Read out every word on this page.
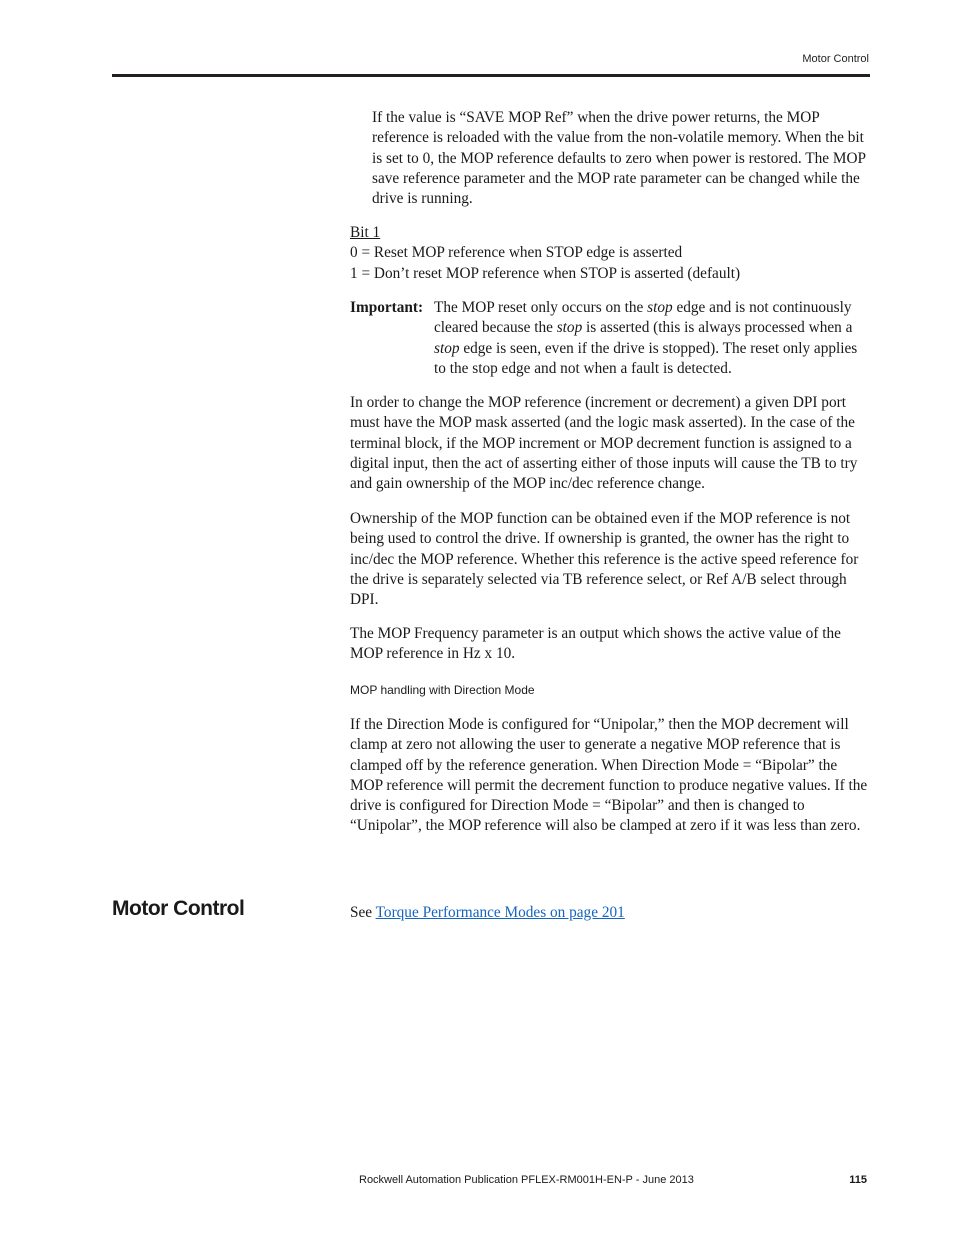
Motor Control

If the value is “SAVE MOP Ref” when the drive power returns, the MOP reference is reloaded with the value from the non-volatile memory. When the bit is set to 0, the MOP reference defaults to zero when power is restored. The MOP save reference parameter and the MOP rate parameter can be changed while the drive is running.

Bit 1
0 = Reset MOP reference when STOP edge is asserted
1 = Don’t reset MOP reference when STOP is asserted (default)
Important: The MOP reset only occurs on the stop edge and is not continuously cleared because the stop is asserted (this is always processed when a stop edge is seen, even if the drive is stopped). The reset only applies to the stop edge and not when a fault is detected.

In order to change the MOP reference (increment or decrement) a given DPI port must have the MOP mask asserted (and the logic mask asserted). In the case of the terminal block, if the MOP increment or MOP decrement function is assigned to a digital input, then the act of asserting either of those inputs will cause the TB to try and gain ownership of the MOP inc/dec reference change.

Ownership of the MOP function can be obtained even if the MOP reference is not being used to control the drive. If ownership is granted, the owner has the right to inc/dec the MOP reference. Whether this reference is the active speed reference for the drive is separately selected via TB reference select, or Ref A/B select through DPI.

The MOP Frequency parameter is an output which shows the active value of the MOP reference in Hz x 10.

MOP handling with Direction Mode

If the Direction Mode is configured for “Unipolar,” then the MOP decrement will clamp at zero not allowing the user to generate a negative MOP reference that is clamped off by the reference generation. When Direction Mode = “Bipolar” the MOP reference will permit the decrement function to produce negative values. If the drive is configured for Direction Mode = “Bipolar” and then is changed to “Unipolar”, the MOP reference will also be clamped at zero if it was less than zero.

Motor Control	See Torque Performance Modes on page 201
Rockwell Automation Publication PFLEX-RM001H-EN-P - June 2013	115
